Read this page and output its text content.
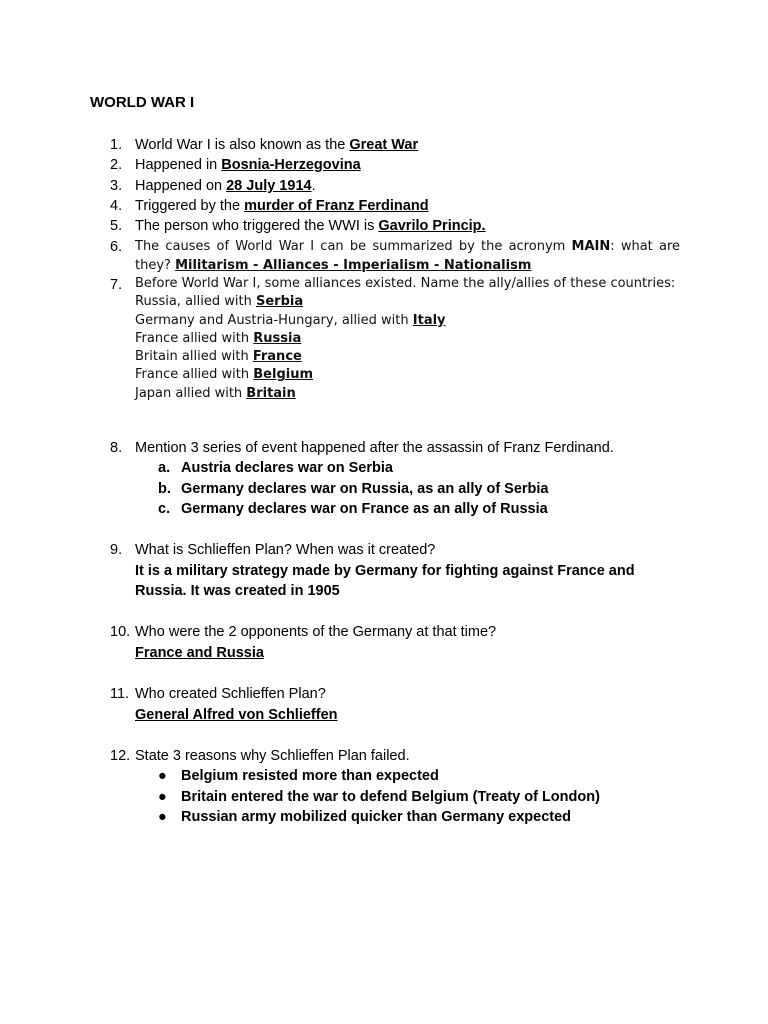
WORLD WAR I
1. World War I is also known as the Great War
2. Happened in Bosnia-Herzegovina
3. Happened on 28 July 1914.
4. Triggered by the murder of Franz Ferdinand
5. The person who triggered the WWI is Gavrilo Princip.
6. The causes of World War I can be summarized by the acronym MAIN: what are they? Militarism - Alliances - Imperialism - Nationalism
7. Before World War I, some alliances existed. Name the ally/allies of these countries:
Russia, allied with Serbia
Germany and Austria-Hungary, allied with Italy
France allied with Russia
Britain allied with France
France allied with Belgium
Japan allied with Britain
8. Mention 3 series of event happened after the assassin of Franz Ferdinand.
a. Austria declares war on Serbia
b. Germany declares war on Russia, as an ally of Serbia
c. Germany declares war on France as an ally of Russia
9. What is Schlieffen Plan? When was it created?
It is a military strategy made by Germany for fighting against France and Russia. It was created in 1905
10. Who were the 2 opponents of the Germany at that time?
France and Russia
11. Who created Schlieffen Plan?
General Alfred von Schlieffen
12. State 3 reasons why Schlieffen Plan failed.
● Belgium resisted more than expected
● Britain entered the war to defend Belgium (Treaty of London)
● Russian army mobilized quicker than Germany expected
